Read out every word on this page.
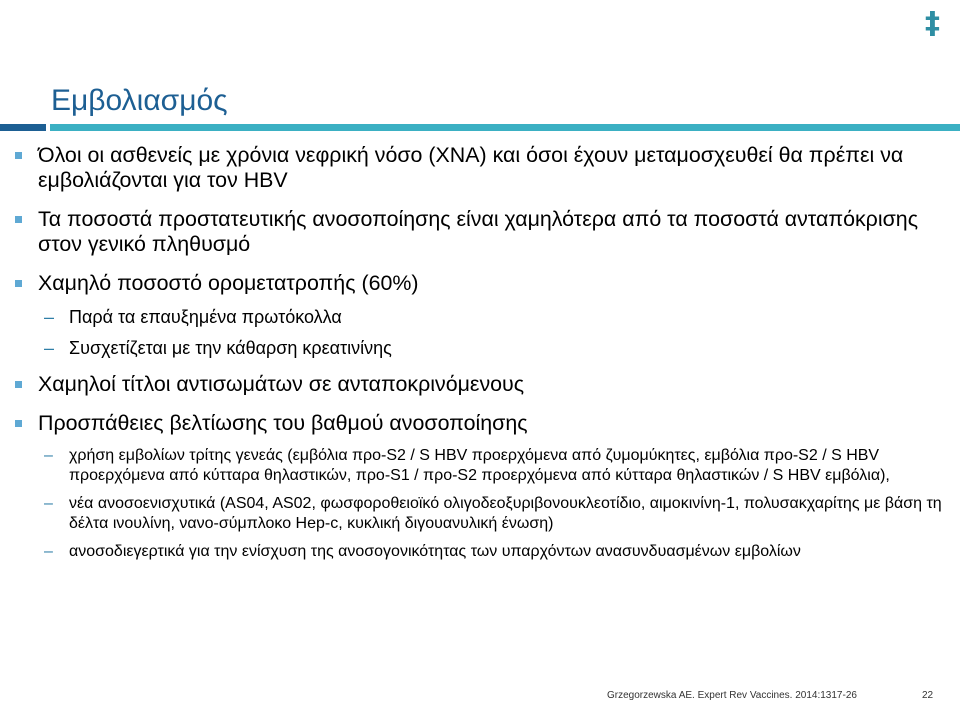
‡
Εμβολιασμός
Όλοι οι ασθενείς με χρόνια νεφρική νόσο (ΧΝΑ) και όσοι έχουν μεταμοσχευθεί θα πρέπει να εμβολιάζονται για τον HBV
Τα ποσοστά προστατευτικής ανοσοποίησης είναι χαμηλότερα από τα ποσοστά ανταπόκρισης στον γενικό πληθυσμό
Χαμηλό ποσοστό ορομετατροπής (60%)
– Παρά τα επαυξημένα πρωτόκολλα
– Συσχετίζεται με την κάθαρση κρεατινίνης
Χαμηλοί τίτλοι αντισωμάτων σε ανταποκρινόμενους
Προσπάθειες βελτίωσης του βαθμού ανοσοποίησης
– χρήση εμβολίων τρίτης γενεάς (εμβόλια προ-S2 / S HBV προερχόμενα από ζυμομύκητες, εμβόλια προ-S2 / S HBV προερχόμενα από κύτταρα θηλαστικών, προ-S1 / προ-S2 προερχόμενα από κύτταρα θηλαστικών / S HBV εμβόλια),
– νέα ανοσοενισχυτικά (AS04, AS02, φωσφοροθειοϊκό ολιγοδεοξυριβονουκλεοτίδιο, αιμοκινίνη-1, πολυσακχαρίτης με βάση τη δέλτα ινουλίνη, νανο-σύμπλοκο Hep-c, κυκλική διγουανυλική ένωση)
– ανοσοδιεγερτικά για την ενίσχυση της ανοσογονικότητας των υπαρχόντων ανασυνδυασμένων εμβολίων
Grzegorzewska AE. Expert Rev Vaccines. 2014:1317-26	22
